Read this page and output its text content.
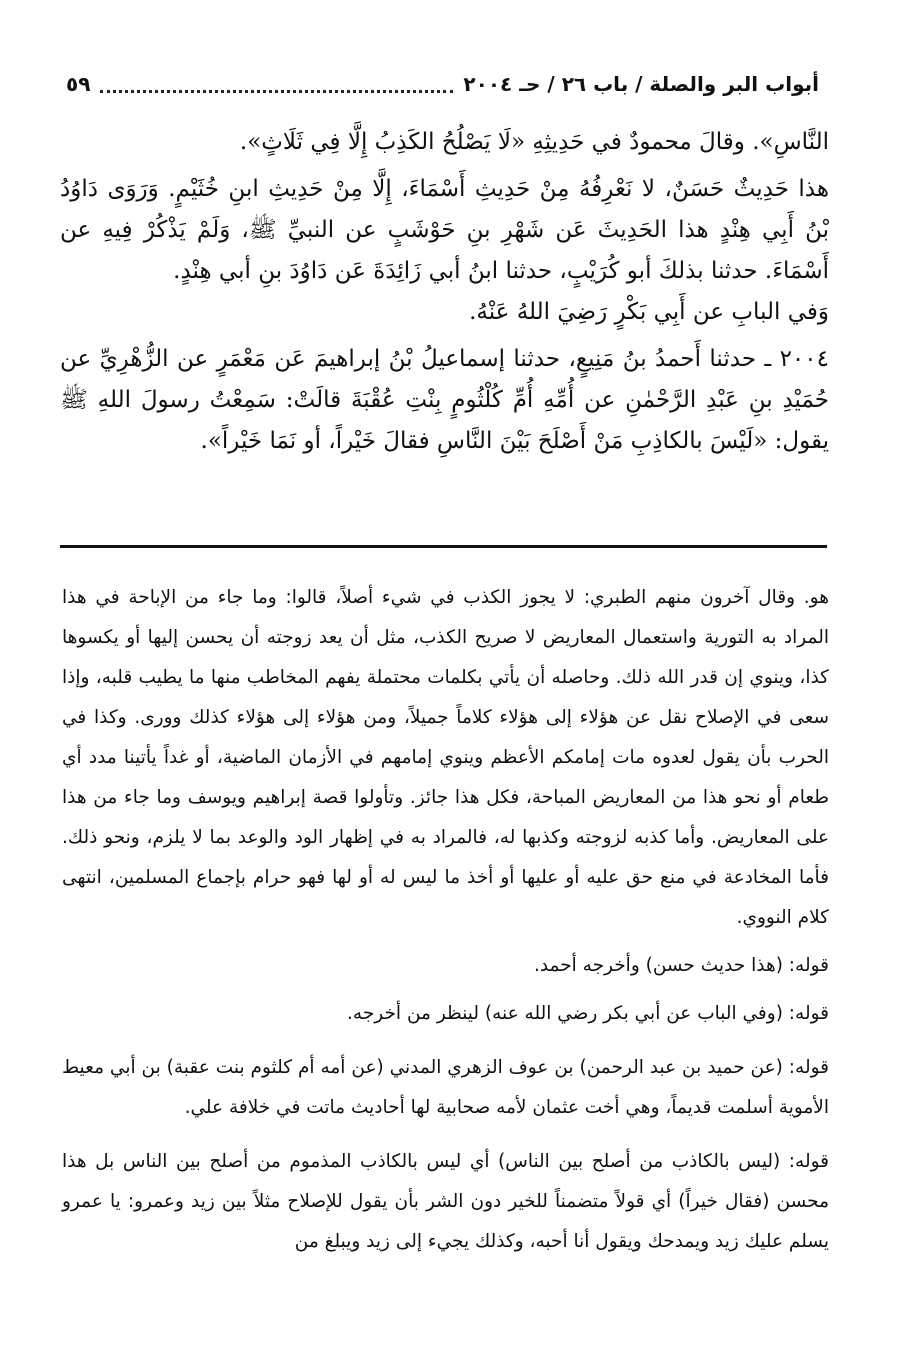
أبواب البر والصلة / باب ٢٦ / حـ ٢٠٠٤
٥٩

النَّاسِ». وقالَ محمودٌ في حَدِيثِهِ «لَا يَصْلُحُ الكَذِبُ إِلَّا فِي ثَلَاثٍ».

هذا حَدِيثٌ حَسَنٌ، لا نَعْرِفُهُ مِنْ حَدِيثِ أَسْمَاءَ، إِلَّا مِنْ حَدِيثِ ابنِ خُثَيْمٍ. وَرَوَى دَاوُدُ بْنُ أَبِي هِنْدٍ هذا الحَدِيثَ عَن شَهْرِ بنِ حَوْشَبٍ عن النبيِّ ﷺ، وَلَمْ يَذْكُرْ فِيهِ عن أَسْمَاءَ. حدثنا بذلكَ أبو كُرَيْبٍ، حدثنا ابنُ أبي زَائِدَةَ عَن دَاوُدَ بنِ أبي هِنْدٍ.

وَفي البابِ عن أَبِي بَكْرٍ رَضِيَ اللهُ عَنْهُ.

٢٠٠٤ ـ حدثنا أَحمدُ بنُ مَنِيعٍ، حدثنا إسماعيلُ بْنُ إبراهيمَ عَن مَعْمَرٍ عن الزُّهْرِيِّ عن حُمَيْدِ بنِ عَبْدِ الرَّحْمٰنِ عن أُمِّهِ أُمِّ كُلْثُومٍ بِنْتِ عُقْبَةَ قالَتْ: سَمِعْتُ رسولَ اللهِ ﷺ يقول: «لَيْسَ بالكاذِبِ مَنْ أَصْلَحَ بَيْنَ النَّاسِ فقالَ خَيْراً، أو نَمَا خَيْراً».

هو. وقال آخرون منهم الطبري: لا يجوز الكذب في شيء أصلاً، قالوا: وما جاء من الإباحة في هذا المراد به التورية واستعمال المعاريض لا صريح الكذب، مثل أن يعد زوجته أن يحسن إليها أو يكسوها كذا، وينوي إن قدر الله ذلك. وحاصله أن يأتي بكلمات محتملة يفهم المخاطب منها ما يطيب قلبه، وإذا سعى في الإصلاح نقل عن هؤلاء إلى هؤلاء كلاماً جميلاً، ومن هؤلاء إلى هؤلاء كذلك وورى. وكذا في الحرب بأن يقول لعدوه مات إمامكم الأعظم وينوي إمامهم في الأزمان الماضية، أو غداً يأتينا مدد أي طعام أو نحو هذا من المعاريض المباحة، فكل هذا جائز. وتأولوا قصة إبراهيم ويوسف وما جاء من هذا على المعاريض. وأما كذبه لزوجته وكذبها له، فالمراد به في إظهار الود والوعد بما لا يلزم، ونحو ذلك. فأما المخادعة في منع حق عليه أو عليها أو أخذ ما ليس له أو لها فهو حرام بإجماع المسلمين، انتهى كلام النووي.

قوله: (هذا حديث حسن) وأخرجه أحمد.

قوله: (وفي الباب عن أبي بكر رضي الله عنه) لينظر من أخرجه.

قوله: (عن حميد بن عبد الرحمن) بن عوف الزهري المدني (عن أمه أم كلثوم بنت عقبة) بن أبي معيط الأموية أسلمت قديماً، وهي أخت عثمان لأمه صحابية لها أحاديث ماتت في خلافة علي.

قوله: (ليس بالكاذب من أصلح بين الناس) أي ليس بالكاذب المذموم من أصلح بين الناس بل هذا محسن (فقال خيراً) أي قولاً متضمناً للخير دون الشر بأن يقول للإصلاح مثلاً بين زيد وعمرو: يا عمرو يسلم عليك زيد ويمدحك ويقول أنا أحبه، وكذلك يجيء إلى زيد ويبلغ من
